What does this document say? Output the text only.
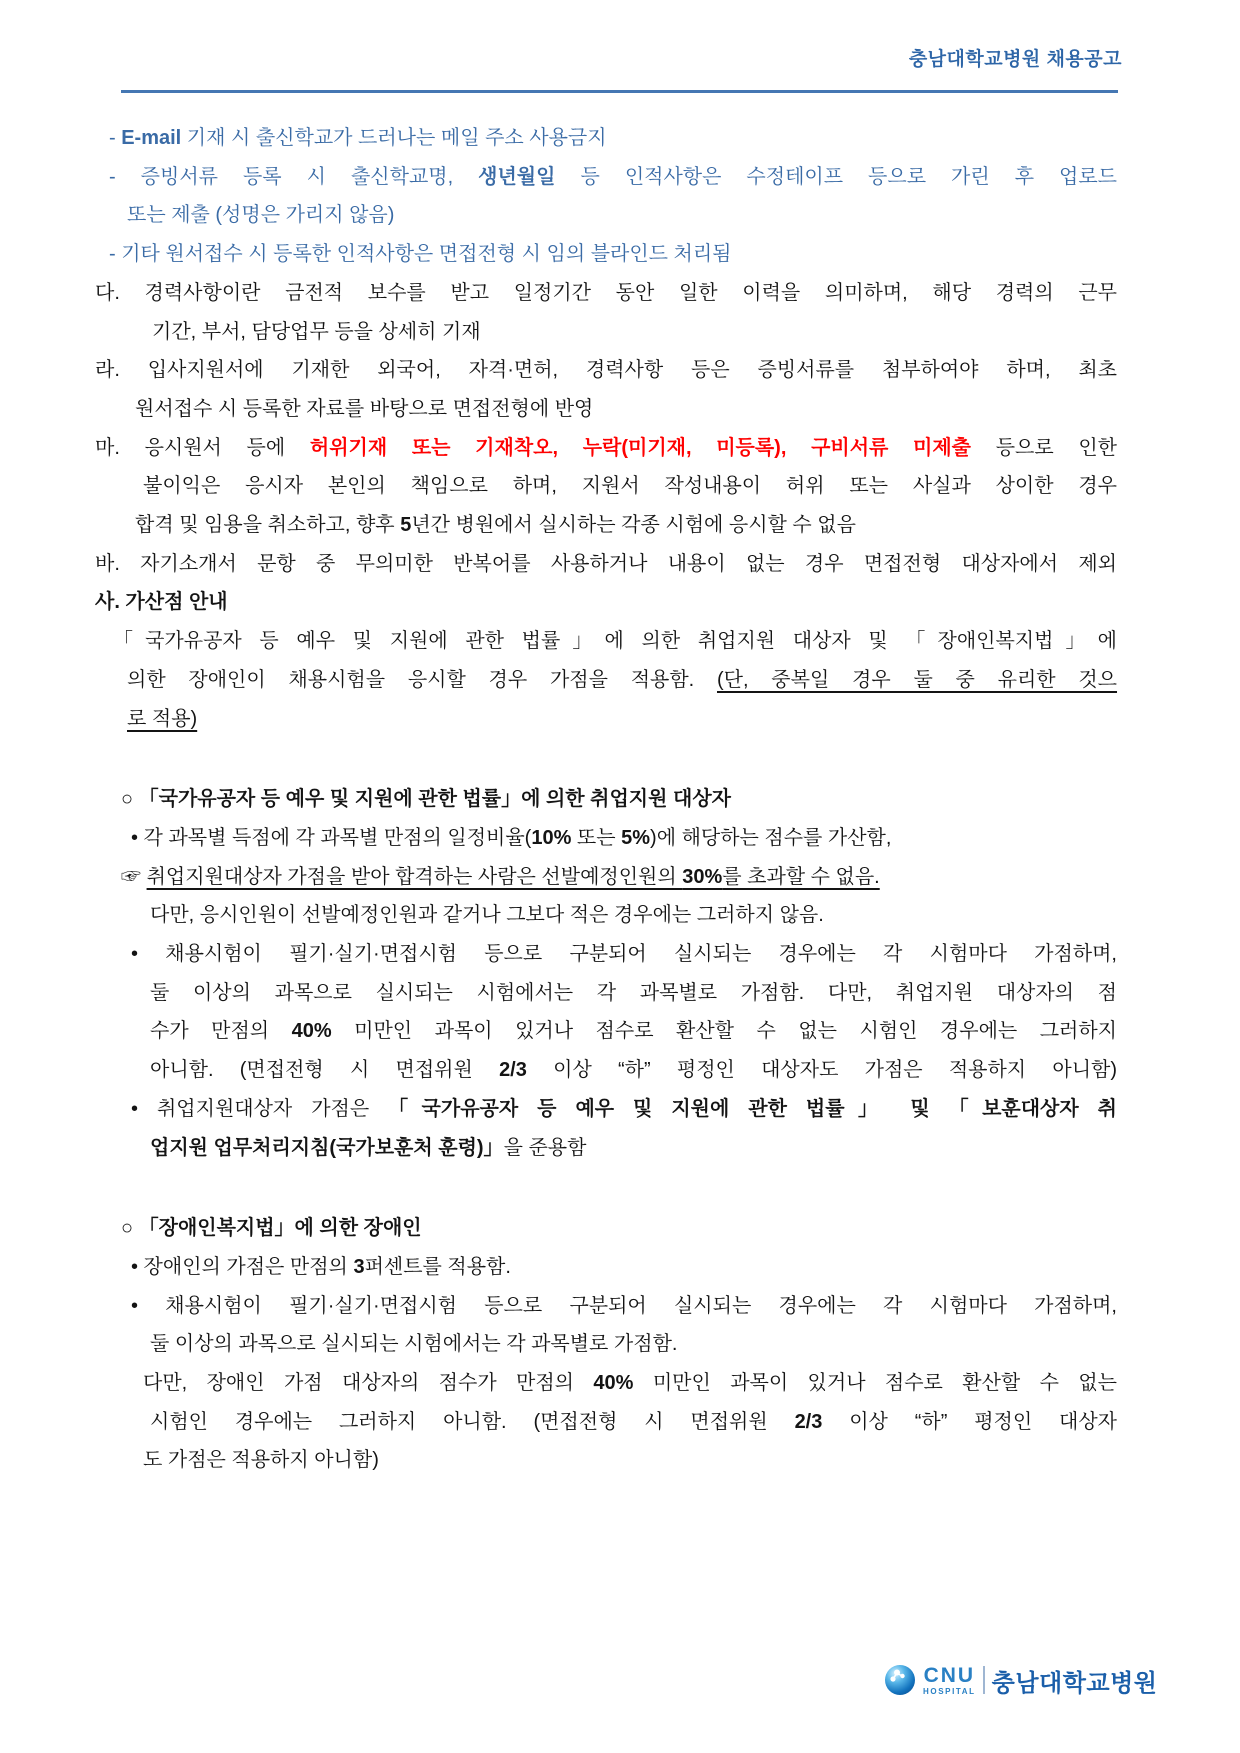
충남대학교병원 채용공고
- E-mail 기재 시 출신학교가 드러나는 메일 주소 사용금지
- 증빙서류 등록 시 출신학교명, 생년월일 등 인적사항은 수정테이프 등으로 가린 후 업로드
또는 제출 (성명은 가리지 않음)
- 기타 원서접수 시 등록한 인적사항은 면접전형 시 임의 블라인드 처리됨
다. 경력사항이란 금전적 보수를 받고 일정기간 동안 일한 이력을 의미하며, 해당 경력의 근무
기간, 부서, 담당업무 등을 상세히 기재
라. 입사지원서에 기재한 외국어, 자격·면허, 경력사항 등은 증빙서류를 첨부하여야 하며, 최초
원서접수 시 등록한 자료를 바탕으로 면접전형에 반영
마. 응시원서 등에 허위기재 또는 기재착오, 누락(미기재, 미등록), 구비서류 미제출 등으로 인한
불이익은 응시자 본인의 책임으로 하며, 지원서 작성내용이 허위 또는 사실과 상이한 경우
합격 및 임용을 취소하고, 향후 5년간 병원에서 실시하는 각종 시험에 응시할 수 없음
바. 자기소개서 문항 중 무의미한 반복어를 사용하거나 내용이 없는 경우 면접전형 대상자에서 제외
사. 가산점 안내
「국가유공자 등 예우 및 지원에 관한 법률」에 의한 취업지원 대상자 및 「장애인복지법」에
의한 장애인이 채용시험을 응시할 경우 가점을 적용함. (단, 중복일 경우 둘 중 유리한 것으
로 적용)
○ 「국가유공자 등 예우 및 지원에 관한 법률」에 의한 취업지원 대상자
• 각 과목별 득점에 각 과목별 만점의 일정비율(10% 또는 5%)에 해당하는 점수를 가산함,
☞ 취업지원대상자 가점을 받아 합격하는 사람은 선발예정인원의 30%를 초과할 수 없음.
다만, 응시인원이 선발예정인원과 같거나 그보다 적은 경우에는 그러하지 않음.
• 채용시험이 필기·실기·면접시험 등으로 구분되어 실시되는 경우에는 각 시험마다 가점하며,
둘 이상의 과목으로 실시되는 시험에서는 각 과목별로 가점함. 다만, 취업지원 대상자의 점
수가 만점의 40% 미만인 과목이 있거나 점수로 환산할 수 없는 시험인 경우에는 그러하지
아니함. (면접전형 시 면접위원 2/3 이상 “하” 평정인 대상자도 가점은 적용하지 아니함)
• 취업지원대상자 가점은 「국가유공자 등 예우 및 지원에 관한 법률」 및 「보훈대상자 취
업지원 업무처리지침(국가보훈처 훈령)」을 준용함
○ 「장애인복지법」에 의한 장애인
• 장애인의 가점은 만점의 3퍼센트를 적용함.
• 채용시험이 필기·실기·면접시험 등으로 구분되어 실시되는 경우에는 각 시험마다 가점하며,
둘 이상의 과목으로 실시되는 시험에서는 각 과목별로 가점함.
다만, 장애인 가점 대상자의 점수가 만점의 40% 미만인 과목이 있거나 점수로 환산할 수 없는
시험인 경우에는 그러하지 아니함. (면접전형 시 면접위원 2/3 이상 “하” 평정인 대상자
도 가점은 적용하지 아니함)
CNU
HOSPITAL 충남대학교병원
